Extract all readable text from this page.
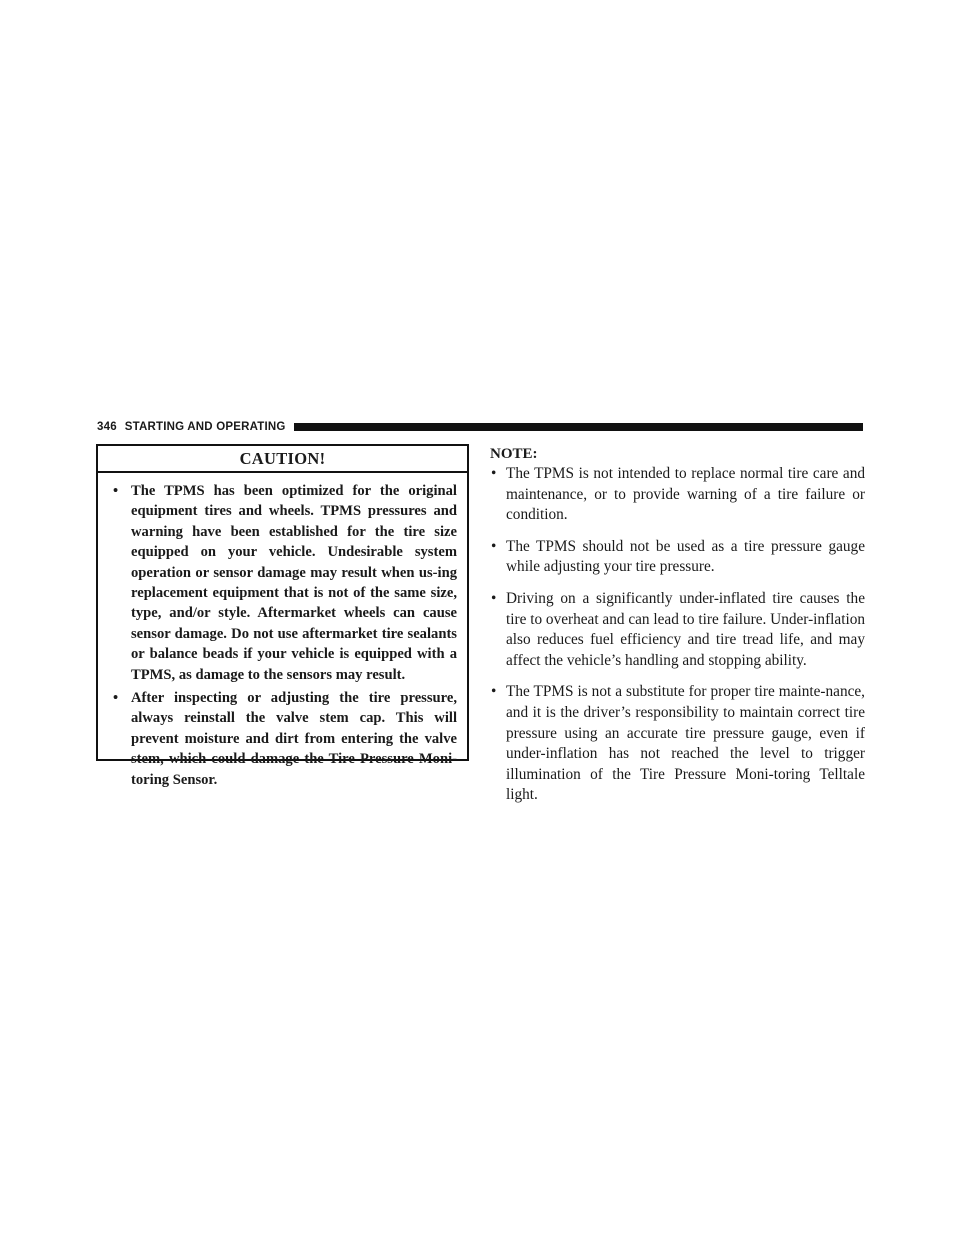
346 STARTING AND OPERATING
CAUTION!
• The TPMS has been optimized for the original equipment tires and wheels. TPMS pressures and warning have been established for the tire size equipped on your vehicle. Undesirable system operation or sensor damage may result when us-ing replacement equipment that is not of the same size, type, and/or style. Aftermarket wheels can cause sensor damage. Do not use aftermarket tire sealants or balance beads if your vehicle is equipped with a TPMS, as damage to the sensors may result.
• After inspecting or adjusting the tire pressure, always reinstall the valve stem cap. This will prevent moisture and dirt from entering the valve stem, which could damage the Tire Pressure Moni-toring Sensor.
NOTE:
• The TPMS is not intended to replace normal tire care and maintenance, or to provide warning of a tire failure or condition.
• The TPMS should not be used as a tire pressure gauge while adjusting your tire pressure.
• Driving on a significantly under-inflated tire causes the tire to overheat and can lead to tire failure. Under-inflation also reduces fuel efficiency and tire tread life, and may affect the vehicle’s handling and stopping ability.
• The TPMS is not a substitute for proper tire mainte-nance, and it is the driver’s responsibility to maintain correct tire pressure using an accurate tire pressure gauge, even if under-inflation has not reached the level to trigger illumination of the Tire Pressure Moni-toring Telltale light.
